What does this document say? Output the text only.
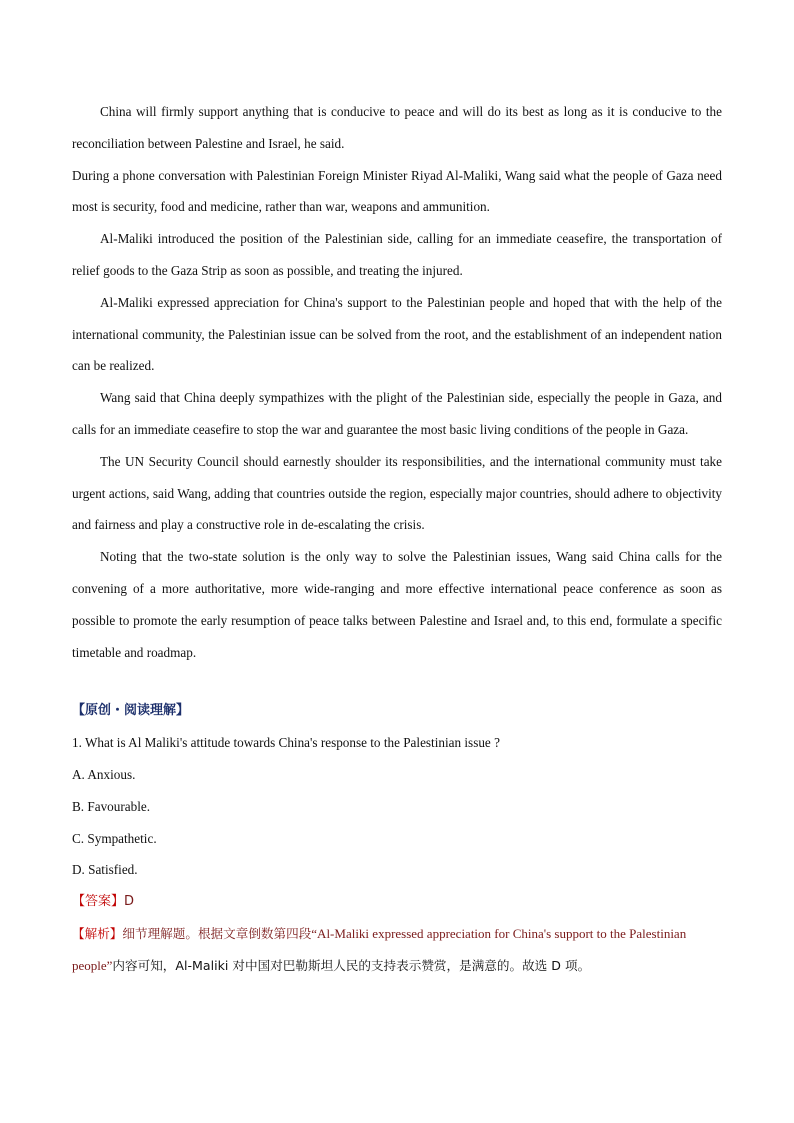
China will firmly support anything that is conducive to peace and will do its best as long as it is conducive to the reconciliation between Palestine and Israel, he said.

During a phone conversation with Palestinian Foreign Minister Riyad Al-Maliki, Wang said what the people of Gaza need most is security, food and medicine, rather than war, weapons and ammunition.

Al-Maliki introduced the position of the Palestinian side, calling for an immediate ceasefire, the transportation of relief goods to the Gaza Strip as soon as possible, and treating the injured.

Al-Maliki expressed appreciation for China's support to the Palestinian people and hoped that with the help of the international community, the Palestinian issue can be solved from the root, and the establishment of an independent nation can be realized.

Wang said that China deeply sympathizes with the plight of the Palestinian side, especially the people in Gaza, and calls for an immediate ceasefire to stop the war and guarantee the most basic living conditions of the people in Gaza.

The UN Security Council should earnestly shoulder its responsibilities, and the international community must take urgent actions, said Wang, adding that countries outside the region, especially major countries, should adhere to objectivity and fairness and play a constructive role in de-escalating the crisis.

Noting that the two-state solution is the only way to solve the Palestinian issues, Wang said China calls for the convening of a more authoritative, more wide-ranging and more effective international peace conference as soon as possible to promote the early resumption of peace talks between Palestine and Israel and, to this end, formulate a specific timetable and roadmap.

【原创・阅读理解】

1. What is Al Maliki's attitude towards China's response to the Palestinian issue ?

A. Anxious.

B. Favourable.

C. Sympathetic.

D. Satisfied.

【答案】D

【解析】细节理解题。根据文章倒数第四段“Al-Maliki expressed appreciation for China's support to the Palestinian people”内容可知，Al-Maliki 对中国对巴勒斯坦人民的支持表示赞赏，是满意的。故选 D 项。
